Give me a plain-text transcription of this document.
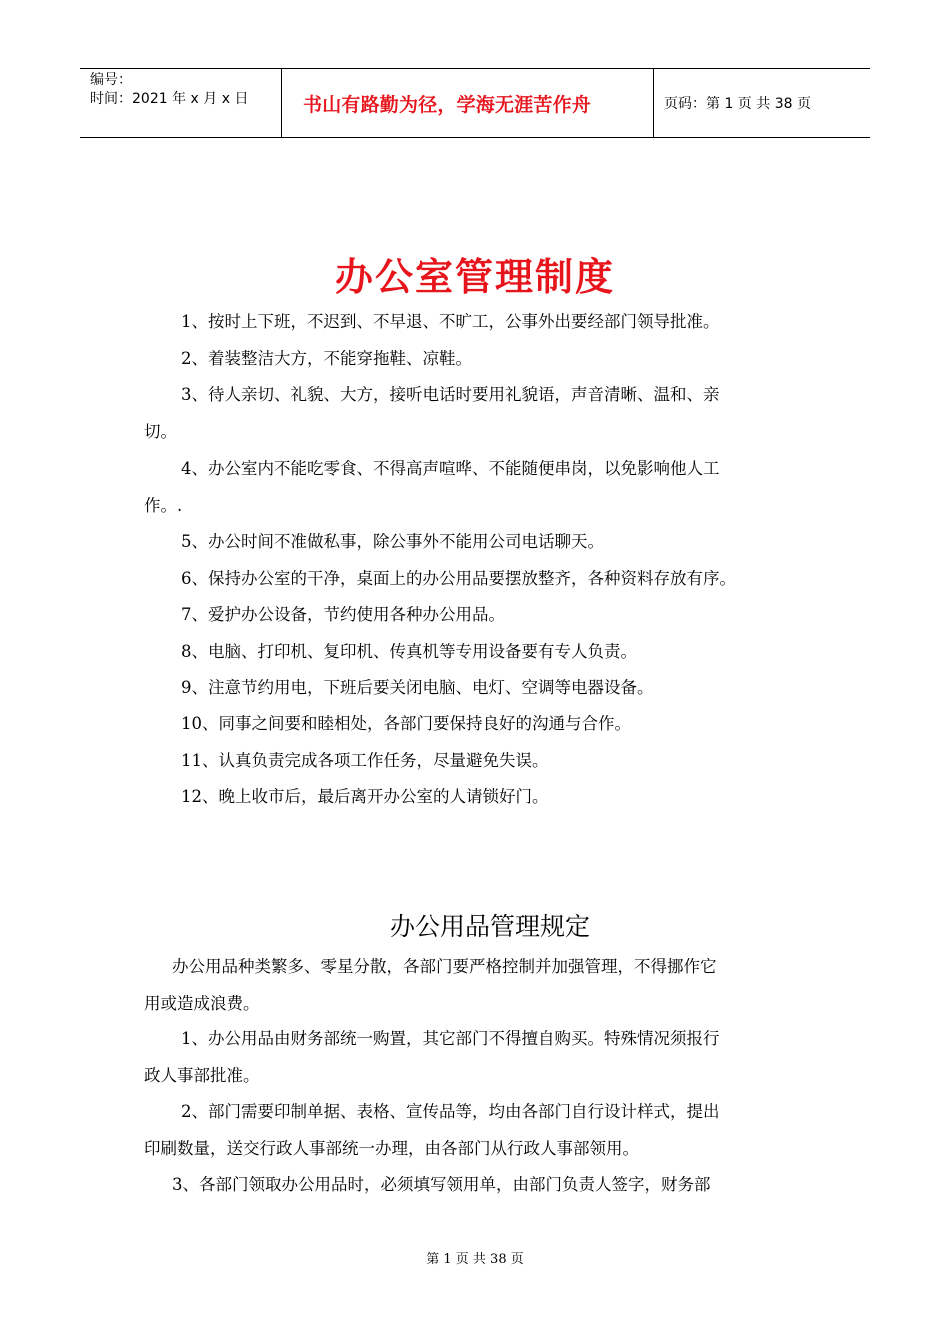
编号：
时间：2021 年 x 月 x 日	书山有路勤为径，学海无涯苦作舟	页码：第 1 页 共 38 页
办公室管理制度
1、按时上下班，不迟到、不早退、不旷工，公事外出要经部门领导批准。
2、着装整洁大方，不能穿拖鞋、凉鞋。
3、待人亲切、礼貌、大方，接听电话时要用礼貌语，声音清晰、温和、亲
切。
4、办公室内不能吃零食、不得高声喧哗、不能随便串岗，以免影响他人工
作。.
5、办公时间不准做私事，除公事外不能用公司电话聊天。
6、保持办公室的干净，桌面上的办公用品要摆放整齐，各种资料存放有序。
7、爱护办公设备，节约使用各种办公用品。
8、电脑、打印机、复印机、传真机等专用设备要有专人负责。
9、注意节约用电，下班后要关闭电脑、电灯、空调等电器设备。
10、同事之间要和睦相处，各部门要保持良好的沟通与合作。
11、认真负责完成各项工作任务，尽量避免失误。
12、晚上收市后，最后离开办公室的人请锁好门。
办公用品管理规定
办公用品种类繁多、零星分散，各部门要严格控制并加强管理，不得挪作它
用或造成浪费。
1、办公用品由财务部统一购置，其它部门不得擅自购买。特殊情况须报行
政人事部批准。
2、部门需要印制单据、表格、宣传品等，均由各部门自行设计样式，提出
印刷数量，送交行政人事部统一办理，由各部门从行政人事部领用。
3、各部门领取办公用品时，必须填写领用单，由部门负责人签字，财务部
第 1 页 共 38 页
